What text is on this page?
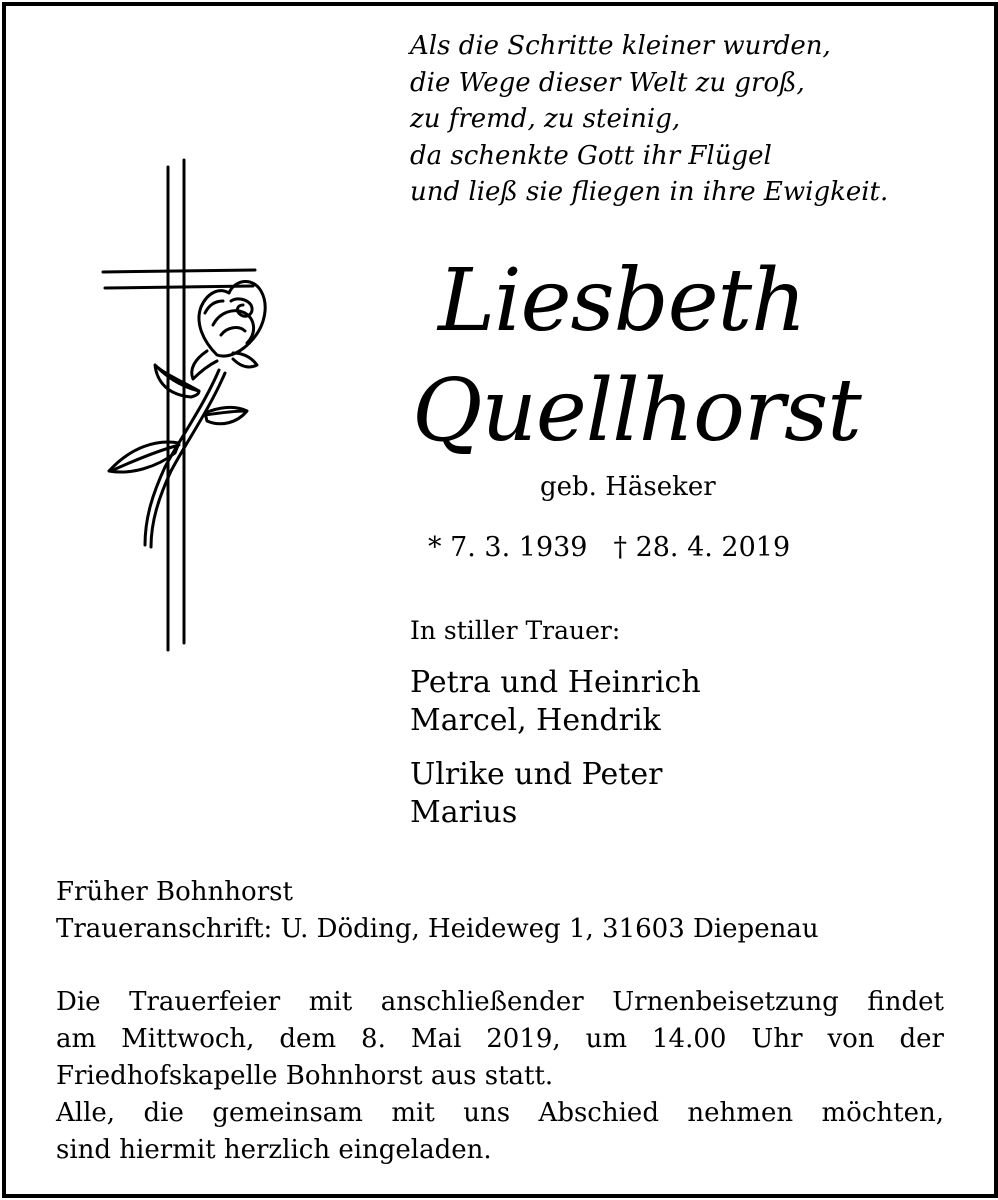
Als die Schritte kleiner wurden,
die Wege dieser Welt zu groß,
zu fremd, zu steinig,
da schenkte Gott ihr Flügel
und ließ sie fliegen in ihre Ewigkeit.
Liesbeth
Quellhorst
geb. Häseker
* 7. 3. 1939 † 28. 4. 2019
In stiller Trauer:
Petra und Heinrich
Marcel, Hendrik
Ulrike und Peter
Marius
Früher Bohnhorst
Traueranschrift: U. Döding, Heideweg 1, 31603 Diepenau
Die Trauerfeier mit anschließender Urnenbeisetzung findet
am Mittwoch, dem 8. Mai 2019, um 14.00 Uhr von der
Friedhofskapelle Bohnhorst aus statt.
Alle, die gemeinsam mit uns Abschied nehmen möchten,
sind hiermit herzlich eingeladen.
